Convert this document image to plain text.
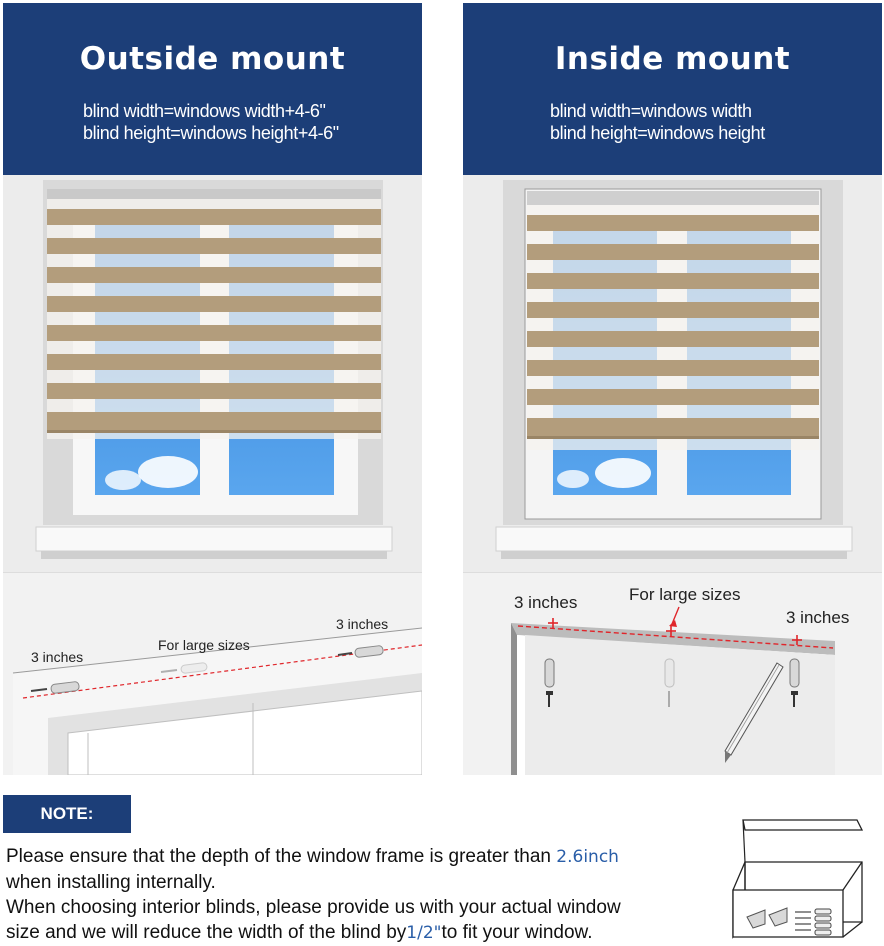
Outside mount
blind width=windows width+4-6"
blind height=windows height+4-6"
3 inches
For large sizes
3 inches
Inside mount
blind width=windows width
blind height=windows height
3 inches	For large sizes
3 inches
NOTE:
Please ensure that the depth of the window frame is greater than 2.6inch
when installing internally.
When choosing interior blinds, please provide us with your actual window
size and we will reduce the width of the blind by1/2"to fit your window.
